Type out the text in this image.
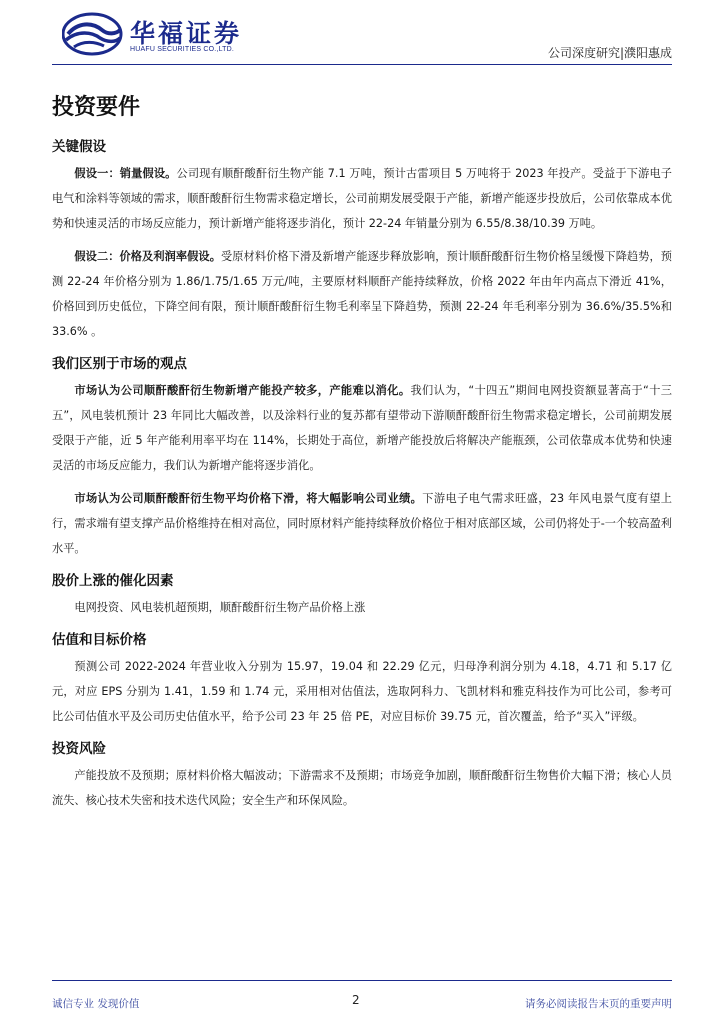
华福证券
HUAFU SECURITIES CO.,LTD.	公司深度研究|濮阳惠成
投资要件
关键假设

假设一：销量假设。公司现有顺酐酸酐衍生物产能 7.1 万吨，预计古雷项目 5 万吨将于 2023 年投产。受益于下游电子电气和涂料等领域的需求，顺酐酸酐衍生物需求稳定增长，公司前期发展受限于产能，新增产能逐步投放后，公司依靠成本优势和快速灵活的市场反应能力，预计新增产能将逐步消化，预计 22-24 年销量分别为 6.55/8.38/10.39 万吨。

假设二：价格及利润率假设。受原材料价格下滑及新增产能逐步释放影响，预计顺酐酸酐衍生物价格呈缓慢下降趋势，预测 22-24 年价格分别为 1.86/1.75/1.65 万元/吨，主要原材料顺酐产能持续释放，价格 2022 年由年内高点下滑近 41%，价格回到历史低位，下降空间有限，预计顺酐酸酐衍生物毛利率呈下降趋势，预测 22-24 年毛利率分别为 36.6%/35.5%和 33.6% 。

我们区别于市场的观点

市场认为公司顺酐酸酐衍生物新增产能投产较多，产能难以消化。我们认为，“十四五”期间电网投资额显著高于“十三五”，风电装机预计 23 年同比大幅改善，以及涂料行业的复苏都有望带动下游顺酐酸酐衍生物需求稳定增长，公司前期发展受限于产能，近 5 年产能利用率平均在 114%，长期处于高位，新增产能投放后将解决产能瓶颈，公司依靠成本优势和快速灵活的市场反应能力，我们认为新增产能将逐步消化。

市场认为公司顺酐酸酐衍生物平均价格下滑，将大幅影响公司业绩。下游电子电气需求旺盛，23 年风电景气度有望上行，需求端有望支撑产品价格维持在相对高位，同时原材料产能持续释放价格位于相对底部区域，公司仍将处于-一个较高盈利水平。

股价上涨的催化因素

电网投资、风电装机超预期，顺酐酸酐衍生物产品价格上涨

估值和目标价格

预测公司 2022-2024 年营业收入分别为 15.97，19.04 和 22.29 亿元，归母净利润分别为 4.18，4.71 和 5.17 亿元，对应 EPS 分别为 1.41，1.59 和 1.74 元，采用相对估值法，选取阿科力、飞凯材料和雅克科技作为可比公司，参考可比公司估值水平及公司历史估值水平，给予公司 23 年 25 倍 PE，对应目标价 39.75 元，首次覆盖，给予“买入”评级。

投资风险

产能投放不及预期；原材料价格大幅波动；下游需求不及预期；市场竞争加剧，顺酐酸酐衍生物售价大幅下滑；核心人员流失、核心技术失密和技术迭代风险；安全生产和环保风险。

诚信专业 发现价值	2	请务必阅读报告末页的重要声明
